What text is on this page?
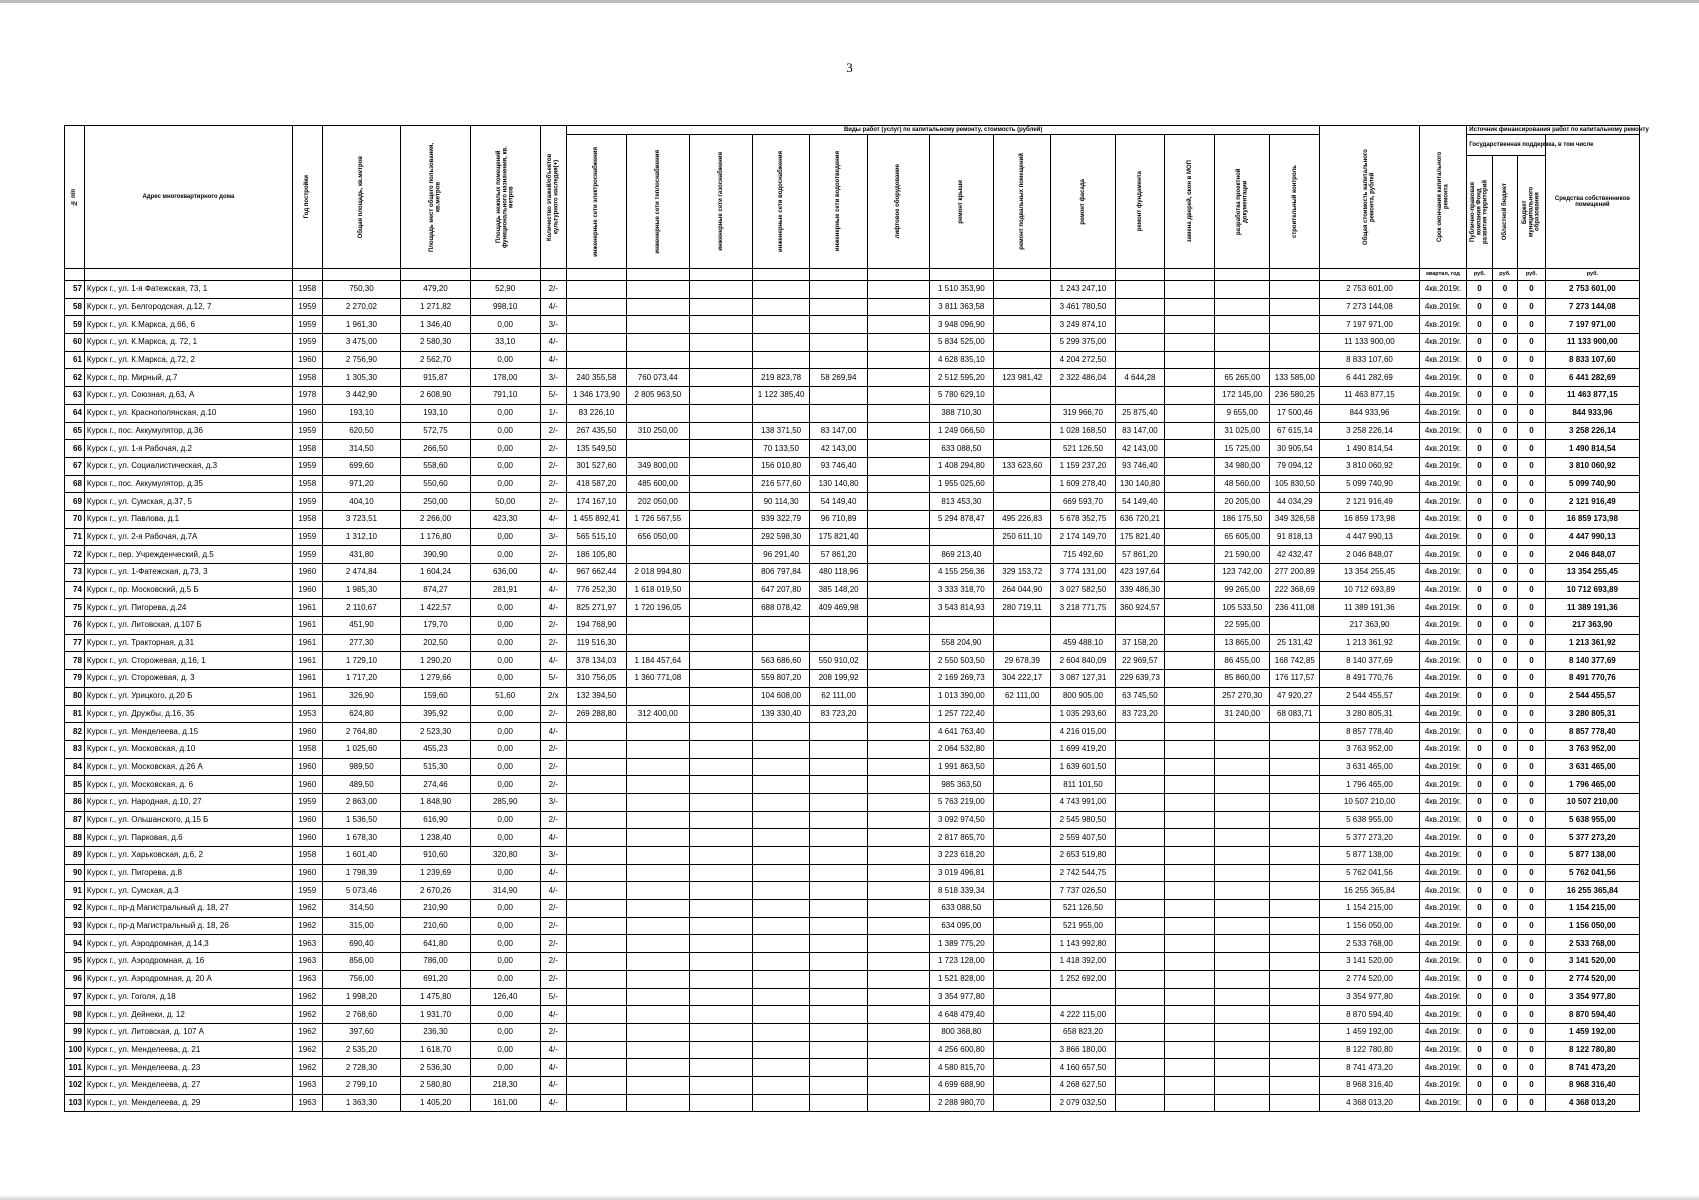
3
№ п/п	Адрес многоквартирного дома	Год постройки	Общая площадь, кв.метров	Площадь мест общего пользования, кв.метров	Площадь нежилых помещений функционального назначения, кв. метров	Количество этажей/объектов культурного наследия(+)	Виды работ (услуг) по капитальному ремонту, стоимость (рублей)													Общая стоимость капитального ремонта, рублей	Срок окончания капитального ремонта	Источник финансирования работ по капитальному ремонту			

							инженерные сети электроснабжения	инженерные сети теплоснабжения	инженерные сети газоснабжения	инженерные сети водоснабжения	инженерные сети водоотведения	лифтовое оборудование	ремонт крыши	ремонт подвальных помещений	ремонт фасада	ремонт фундамента	замена дверей, окон в МОП	разработка проектной документации	строительный контроль			Государственная поддержка, в том числе			Средства собственников помещений

																						Публично-правовая компания Фонд развития территорий	Областной бюджет	Бюджет муниципального образования	

																					квартал, год	руб.	руб.	руб.	руб.
57	Курск г., ул. 1-я Фатежская, 73, 1	1958	750,30	479,20	52,90	2/-							1 510 353,90		1 243 247,10					2 753 601,00	4кв.2019г.	0	0	0	2 753 601,00
58	Курск г., ул. Белгородская, д.12, 7	1959	2 270,02	1 271,82	998,10	4/-							3 811 363,58		3 461 780,50					7 273 144,08	4кв.2019г.	0	0	0	7 273 144,08
59	Курск г., ул. К.Маркса, д.66, 6	1959	1 961,30	1 346,40	0,00	3/-							3 948 096,90		3 249 874,10					7 197 971,00	4кв.2019г.	0	0	0	7 197 971,00
60	Курск г., ул. К.Маркса, д. 72, 1	1959	3 475,00	2 580,30	33,10	4/-							5 834 525,00		5 299 375,00					11 133 900,00	4кв.2019г.	0	0	0	11 133 900,00
61	Курск г., ул. К.Маркса, д.72, 2	1960	2 756,90	2 562,70	0,00	4/-							4 628 835,10		4 204 272,50					8 833 107,60	4кв.2019г.	0	0	0	8 833 107,60
62	Курск г., пр. Мирный, д.7	1958	1 305,30	915,87	178,00	3/-	240 355,58	760 073,44		219 823,78	58 269,94		2 512 595,20	123 981,42	2 322 486,04	4 644,28		65 265,00	133 585,00	6 441 282,69	4кв.2019г.	0	0	0	6 441 282,69
63	Курск г., ул. Союзная, д.63, А	1978	3 442,90	2 608,90	791,10	5/-	1 346 173,90	2 805 963,50		1 122 385,40			5 780 629,10					172 145,00	236 580,25	11 463 877,15	4кв.2019г.	0	0	0	11 463 877,15
64	Курск г., ул. Краснополянская, д.10	1960	193,10	193,10	0,00	1/-	83 226,10						388 710,30		319 966,70	25 875,40		9 655,00	17 500,46	844 933,96	4кв.2019г.	0	0	0	844 933,96
65	Курск г., пос. Аккумулятор, д.36	1959	620,50	572,75	0,00	2/-	267 435,50	310 250,00		138 371,50	83 147,00		1 249 066,50		1 028 168,50	83 147,00		31 025,00	67 615,14	3 258 226,14	4кв.2019г.	0	0	0	3 258 226,14
66	Курск г., ул. 1-я Рабочая, д.2	1958	314,50	266,50	0,00	2/-	135 549,50			70 133,50	42 143,00		633 088,50		521 126,50	42 143,00		15 725,00	30 905,54	1 490 814,54	4кв.2019г.	0	0	0	1 490 814,54
67	Курск г., ул. Социалистическая, д.3	1959	699,60	558,60	0,00	2/-	301 527,60	349 800,00		156 010,80	93 746,40		1 408 294,80	133 623,60	1 159 237,20	93 746,40		34 980,00	79 094,12	3 810 060,92	4кв.2019г.	0	0	0	3 810 060,92
68	Курск г., пос. Аккумулятор, д.35	1958	971,20	550,60	0,00	2/-	418 587,20	485 600,00		216 577,60	130 140,80		1 955 025,60		1 609 278,40	130 140,80		48 560,00	105 830,50	5 099 740,90	4кв.2019г.	0	0	0	5 099 740,90
69	Курск г., ул. Сумская, д.37, 5	1959	404,10	250,00	50,00	2/-	174 167,10	202 050,00		90 114,30	54 149,40		813 453,30		669 593,70	54 149,40		20 205,00	44 034,29	2 121 916,49	4кв.2019г.	0	0	0	2 121 916,49
70	Курск г., ул. Павлова, д.1	1958	3 723,51	2 266,00	423,30	4/-	1 455 892,41	1 726 567,55		939 322,79	96 710,89		5 294 878,47	495 226,83	5 678 352,75	636 720,21		186 175,50	349 326,58	16 859 173,98	4кв.2019г.	0	0	0	16 859 173,98
71	Курск г., ул. 2-я Рабочая, д.7А	1959	1 312,10	1 176,80	0,00	3/-	565 515,10	656 050,00		292 598,30	175 821,40			250 611,10	2 174 149,70	175 821,40		65 605,00	91 818,13	4 447 990,13	4кв.2019г.	0	0	0	4 447 990,13
72	Курск г., пер. Учрежденческий, д.5	1959	431,80	390,90	0,00	2/-	186 105,80			96 291,40	57 861,20		869 213,40		715 492,60	57 861,20		21 590,00	42 432,47	2 046 848,07	4кв.2019г.	0	0	0	2 046 848,07
73	Курск г., ул. 1-Фатежская, д.73, 3	1960	2 474,84	1 604,24	636,00	4/-	967 662,44	2 018 994,80		806 797,84	480 118,96		4 155 256,36	329 153,72	3 774 131,00	423 197,64		123 742,00	277 200,89	13 354 255,45	4кв.2019г.	0	0	0	13 354 255,45
74	Курск г., пр. Московский, д.5 Б	1960	1 985,30	874,27	281,91	4/-	776 252,30	1 618 019,50		647 207,80	385 148,20		3 333 318,70	264 044,90	3 027 582,50	339 486,30		99 265,00	222 368,69	10 712 693,89	4кв.2019г.	0	0	0	10 712 693,89
75	Курск г., ул. Пигорева, д.24	1961	2 110,67	1 422,57	0,00	4/-	825 271,97	1 720 196,05		688 078,42	409 469,98		3 543 814,93	280 719,11	3 218 771,75	360 924,57		105 533,50	236 411,08	11 389 191,36	4кв.2019г.	0	0	0	11 389 191,36
76	Курск г., ул. Литовская, д.107 Б	1961	451,90	179,70	0,00	2/-	194 768,90											22 595,00		217 363,90	4кв.2019г.	0	0	0	217 363,90
77	Курск г., ул. Тракторная, д.31	1961	277,30	202,50	0,00	2/-	119 516,30						558 204,90		459 488,10	37 158,20		13 865,00	25 131,42	1 213 361,92	4кв.2019г.	0	0	0	1 213 361,92
78	Курск г., ул. Сторожевая, д.16, 1	1961	1 729,10	1 290,20	0,00	4/-	378 134,03	1 184 457,64		563 686,60	550 910,02		2 550 503,50	29 678,39	2 604 840,09	22 969,57		86 455,00	168 742,85	8 140 377,69	4кв.2019г.	0	0	0	8 140 377,69
79	Курск г., ул. Сторожевая, д. 3	1961	1 717,20	1 279,66	0,00	5/-	310 756,05	1 360 771,08		559 807,20	208 199,92		2 169 269,73	304 222,17	3 087 127,31	229 639,73		85 860,00	176 117,57	8 491 770,76	4кв.2019г.	0	0	0	8 491 770,76
80	Курск г., ул. Урицкого, д.20 Б	1961	326,90	159,60	51,60	2/х	132 394,50			104 608,00	62 111,00		1 013 390,00	62 111,00	800 905,00	63 745,50		257 270,30	47 920,27	2 544 455,57	4кв.2019г.	0	0	0	2 544 455,57
81	Курск г., ул. Дружбы, д.16, 35	1953	624,80	395,92	0,00	2/-	269 288,80	312 400,00		139 330,40	83 723,20		1 257 722,40		1 035 293,60	83 723,20		31 240,00	68 083,71	3 280 805,31	4кв.2019г.	0	0	0	3 280 805,31
82	Курск г., ул. Менделеева, д.15	1960	2 764,80	2 523,30	0,00	4/-							4 641 763,40		4 216 015,00					8 857 778,40	4кв.2019г.	0	0	0	8 857 778,40
83	Курск г., ул. Московская, д.10	1958	1 025,60	455,23	0,00	2/-							2 064 532,80		1 699 419,20					3 763 952,00	4кв.2019г.	0	0	0	3 763 952,00
84	Курск г., ул. Московская, д.26 А	1960	989,50	515,30	0,00	2/-							1 991 863,50		1 639 601,50					3 631 465,00	4кв.2019г.	0	0	0	3 631 465,00
85	Курск г., ул. Московская, д. 6	1960	489,50	274,46	0,00	2/-							985 363,50		811 101,50					1 796 465,00	4кв.2019г.	0	0	0	1 796 465,00
86	Курск г., ул. Народная, д.10, 27	1959	2 863,00	1 848,90	285,90	3/-							5 763 219,00		4 743 991,00					10 507 210,00	4кв.2019г.	0	0	0	10 507 210,00
87	Курск г., ул. Ольшанского, д.15 Б	1960	1 536,50	616,90	0,00	2/-							3 092 974,50		2 545 980,50					5 638 955,00	4кв.2019г.	0	0	0	5 638 955,00
88	Курск г., ул. Парковая, д.6	1960	1 678,30	1 238,40	0,00	4/-							2 817 865,70		2 559 407,50					5 377 273,20	4кв.2019г.	0	0	0	5 377 273,20
89	Курск г., ул. Харьковская, д.6, 2	1958	1 601,40	910,60	320,80	3/-							3 223 618,20		2 653 519,80					5 877 138,00	4кв.2019г.	0	0	0	5 877 138,00
90	Курск г., ул. Пигорева, д.8	1960	1 798,39	1 239,69	0,00	4/-							3 019 496,81		2 742 544,75					5 762 041,56	4кв.2019г.	0	0	0	5 762 041,56
91	Курск г., ул. Сумская, д.3	1959	5 073,46	2 670,26	314,90	4/-							8 518 339,34		7 737 026,50					16 255 365,84	4кв.2019г.	0	0	0	16 255 365,84
92	Курск г., пр-д Магистральный д. 18, 27	1962	314,50	210,90	0,00	2/-							633 088,50		521 126,50					1 154 215,00	4кв.2019г.	0	0	0	1 154 215,00
93	Курск г., пр-д Магистральный д. 18, 26	1962	315,00	210,60	0,00	2/-							634 095,00		521 955,00					1 156 050,00	4кв.2019г.	0	0	0	1 156 050,00
94	Курск г., ул. Аэродромная, д.14,3	1963	690,40	641,80	0,00	2/-							1 389 775,20		1 143 992,80					2 533 768,00	4кв.2019г.	0	0	0	2 533 768,00
95	Курск г., ул. Аэродромная, д. 16	1963	856,00	786,00	0,00	2/-							1 723 128,00		1 418 392,00					3 141 520,00	4кв.2019г.	0	0	0	3 141 520,00
96	Курск г., ул. Аэродромная, д. 20 А	1963	756,00	691,20	0,00	2/-							1 521 828,00		1 252 692,00					2 774 520,00	4кв.2019г.	0	0	0	2 774 520,00
97	Курск г., ул. Гоголя, д.18	1962	1 998,20	1 475,80	126,40	5/-							3 354 977,80							3 354 977,80	4кв.2019г.	0	0	0	3 354 977,80
98	Курск г., ул. Дейнеки, д. 12	1962	2 768,60	1 931,70	0,00	4/-							4 648 479,40		4 222 115,00					8 870 594,40	4кв.2019г.	0	0	0	8 870 594,40
99	Курск г., ул. Литовская, д. 107 А	1962	397,60	236,30	0,00	2/-							800 368,80		658 823,20					1 459 192,00	4кв.2019г.	0	0	0	1 459 192,00
100	Курск г., ул. Менделеева, д. 21	1962	2 535,20	1 618,70	0,00	4/-							4 256 600,80		3 866 180,00					8 122 780,80	4кв.2019г.	0	0	0	8 122 780,80
101	Курск г., ул. Менделеева, д. 23	1962	2 728,30	2 536,30	0,00	4/-							4 580 815,70		4 160 657,50					8 741 473,20	4кв.2019г.	0	0	0	8 741 473,20
102	Курск г., ул. Менделеева, д. 27	1963	2 799,10	2 580,80	218,30	4/-							4 699 688,90		4 268 627,50					8 968 316,40	4кв.2019г.	0	0	0	8 968 316,40
103	Курск г., ул. Менделеева, д. 29	1963	1 363,30	1 405,20	161,00	4/-							2 288 980,70		2 079 032,50					4 368 013,20	4кв.2019г.	0	0	0	4 368 013,20
